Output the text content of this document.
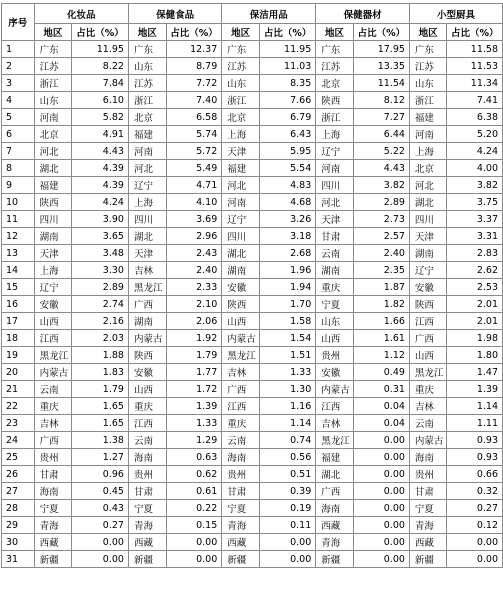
序号	化妆品		保健食品		保洁用品		保健器材		小型厨具	
	地区	占比（%）	地区	占比（%）	地区	占比（%）	地区	占比（%）	地区	占比（%）
1	广东	11.95	广东	12.37	广东	11.95	广东	17.95	广东	11.58
2	江苏	8.22	山东	8.79	江苏	11.03	江苏	13.35	江苏	11.53
3	浙江	7.84	江苏	7.72	山东	8.35	北京	11.54	山东	11.34
4	山东	6.10	浙江	7.40	浙江	7.66	陕西	8.12	浙江	7.41
5	河南	5.82	北京	6.58	北京	6.79	浙江	7.27	福建	6.38
6	北京	4.91	福建	5.74	上海	6.43	上海	6.44	河南	5.20
7	河北	4.43	河南	5.72	天津	5.95	辽宁	5.22	上海	4.24
8	湖北	4.39	河北	5.49	福建	5.54	河南	4.43	北京	4.00
9	福建	4.39	辽宁	4.71	河北	4.83	四川	3.82	河北	3.82
10	陕西	4.24	上海	4.10	河南	4.68	河北	2.89	湖北	3.75
11	四川	3.90	四川	3.69	辽宁	3.26	天津	2.73	四川	3.37
12	湖南	3.65	湖北	2.96	四川	3.18	甘肃	2.57	天津	3.31
13	天津	3.48	天津	2.43	湖北	2.68	云南	2.40	湖南	2.83
14	上海	3.30	吉林	2.40	湖南	1.96	湖南	2.35	辽宁	2.62
15	辽宁	2.89	黑龙江	2.33	安徽	1.94	重庆	1.87	安徽	2.53
16	安徽	2.74	广西	2.10	陕西	1.70	宁夏	1.82	陕西	2.01
17	山西	2.16	湖南	2.06	山西	1.58	山东	1.66	江西	2.01
18	江西	2.03	内蒙古	1.92	内蒙古	1.54	山西	1.61	广西	1.98
19	黑龙江	1.88	陕西	1.79	黑龙江	1.51	贵州	1.12	山西	1.80
20	内蒙古	1.83	安徽	1.77	吉林	1.33	安徽	0.49	黑龙江	1.47
21	云南	1.79	山西	1.72	广西	1.30	内蒙古	0.31	重庆	1.39
22	重庆	1.65	重庆	1.39	江西	1.16	江西	0.04	吉林	1.14
23	吉林	1.65	江西	1.33	重庆	1.14	吉林	0.04	云南	1.11
24	广西	1.38	云南	1.29	云南	0.74	黑龙江	0.00	内蒙古	0.93
25	贵州	1.27	海南	0.63	海南	0.56	福建	0.00	海南	0.93
26	甘肃	0.96	贵州	0.62	贵州	0.51	湖北	0.00	贵州	0.66
27	海南	0.45	甘肃	0.61	甘肃	0.39	广西	0.00	甘肃	0.32
28	宁夏	0.43	宁夏	0.22	宁夏	0.19	海南	0.00	宁夏	0.27
29	青海	0.27	青海	0.15	青海	0.11	西藏	0.00	青海	0.12
30	西藏	0.00	西藏	0.00	西藏	0.00	青海	0.00	西藏	0.00
31	新疆	0.00	新疆	0.00	新疆	0.00	新疆	0.00	新疆	0.00
